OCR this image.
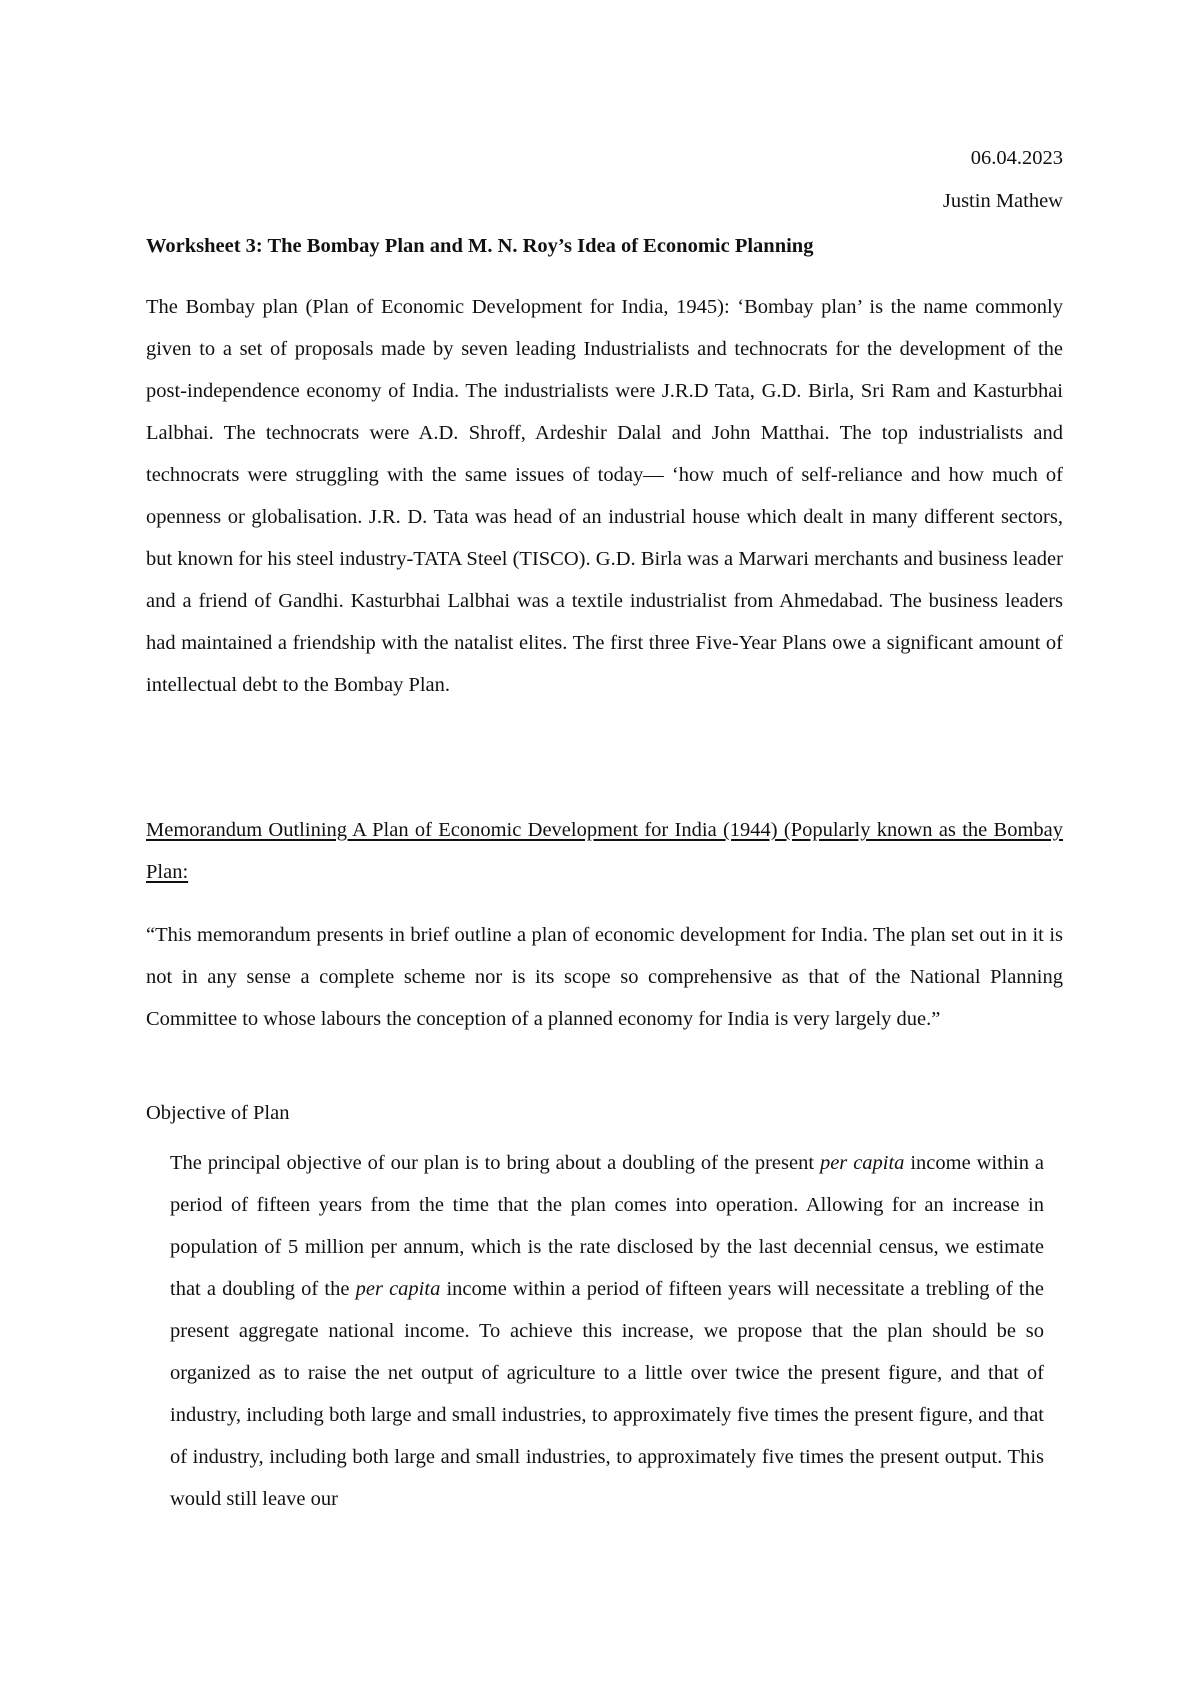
06.04.2023
Justin Mathew
Worksheet 3: The Bombay Plan and M. N. Roy’s Idea of Economic Planning

The Bombay plan (Plan of Economic Development for India, 1945): ‘Bombay plan’ is the name commonly given to a set of proposals made by seven leading Industrialists and technocrats for the development of the post-independence economy of India. The industrialists were J.R.D Tata, G.D. Birla, Sri Ram and Kasturbhai Lalbhai. The technocrats were A.D. Shroff, Ardeshir Dalal and John Matthai. The top industrialists and technocrats were struggling with the same issues of today— ‘how much of self-reliance and how much of openness or globalisation. J.R. D. Tata was head of an industrial house which dealt in many different sectors, but known for his steel industry-TATA Steel (TISCO). G.D. Birla was a Marwari merchants and business leader and a friend of Gandhi. Kasturbhai Lalbhai was a textile industrialist from Ahmedabad. The business leaders had maintained a friendship with the natalist elites. The first three Five-Year Plans owe a significant amount of intellectual debt to the Bombay Plan.

Memorandum Outlining A Plan of Economic Development for India (1944) (Popularly known as the Bombay Plan:

“This memorandum presents in brief outline a plan of economic development for India. The plan set out in it is not in any sense a complete scheme nor is its scope so comprehensive as that of the National Planning Committee to whose labours the conception of a planned economy for India is very largely due.”

Objective of Plan

The principal objective of our plan is to bring about a doubling of the present per capita income within a period of fifteen years from the time that the plan comes into operation. Allowing for an increase in population of 5 million per annum, which is the rate disclosed by the last decennial census, we estimate that a doubling of the per capita income within a period of fifteen years will necessitate a trebling of the present aggregate national income. To achieve this increase, we propose that the plan should be so organized as to raise the net output of agriculture to a little over twice the present figure, and that of industry, including both large and small industries, to approximately five times the present figure, and that of industry, including both large and small industries, to approximately five times the present output. This would still leave our
